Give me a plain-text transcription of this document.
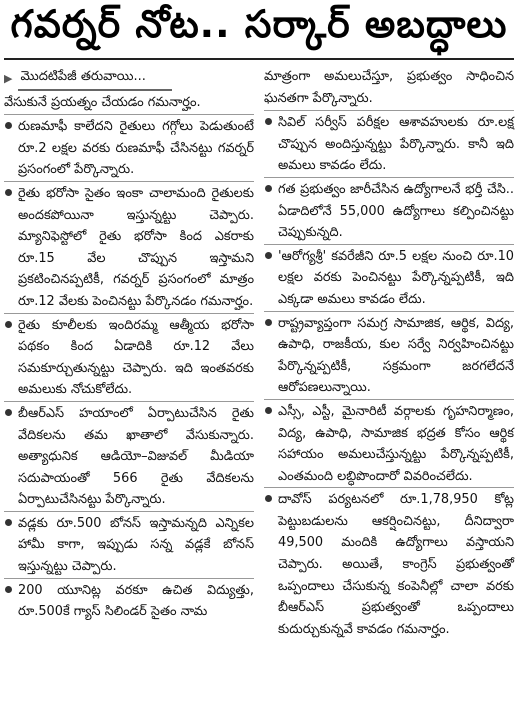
గవర్నర్ నోట.. సర్కార్ అబద్ధాలు
▶ మొదటిపేజీ తరువాయి...

వేసుకునే ప్రయత్నం చేయడం గమనార్హం.

రుణమాఫీ కాలేదని రైతులు గగ్గోలు పెడుతుంటే రూ.2 లక్షల వరకు రుణమాఫీ చేసినట్టు గవర్నర్ ప్రసంగంలో పేర్కొన్నారు.

రైతు భరోసా సైతం ఇంకా చాలామంది రైతులకు అందకపోయినా ఇస్తున్నట్టు చెప్పారు. మ్యానిఫెస్టోలో రైతు భరోసా కింద ఎకరాకు రూ.15 వేల చొప్పున ఇస్తామని ప్రకటించినప్పటికీ, గవర్నర్ ప్రసంగంలో మాత్రం రూ.12 వేలకు పెంచినట్టు పేర్కొనడం గమనార్హం.

రైతు కూలీలకు ఇందిరమ్మ ఆత్మీయ భరోసా పథకం కింద ఏడాదికి రూ.12 వేలు సమకూర్చుతున్నట్టు చెప్పారు. ఇది ఇంతవరకు అమలుకు నోచుకోలేదు.

బీఆర్ఎస్ హయాంలో ఏర్పాటుచేసిన రైతు వేదికలను తమ ఖాతాలో వేసుకున్నారు. అత్యాధునిక ఆడియో–విజువల్ మీడియా సదుపాయంతో 566 రైతు వేదికలను ఏర్పాటుచేసినట్టు పేర్కొన్నారు.

వడ్లకు రూ.500 బోనస్ ఇస్తామన్నది ఎన్నికల హామీ కాగా, ఇప్పుడు సన్న వడ్లకే బోనస్ ఇస్తున్నట్టు చెప్పారు.

200 యూనిట్ల వరకూ ఉచిత విద్యుత్తు, రూ.500కే గ్యాస్ సిలిండర్ సైతం నామ

మాత్రంగా అమలుచేస్తూ, ప్రభుత్వం సాధించిన ఘనతగా పేర్కొన్నారు.

సివిల్ సర్వీస్ పరీక్షల ఆశావహులకు రూ.లక్ష చొప్పున అందిస్తున్నట్టు పేర్కొన్నారు. కానీ ఇది అమలు కావడం లేదు.

గత ప్రభుత్వం జారీచేసిన ఉద్యోగాలనే భర్తీ చేసి.. ఏడాదిలోనే 55,000 ఉద్యోగాలు కల్పించినట్టు చెప్పుకున్నది.

'ఆరోగ్యశ్రీ' కవరేజీని రూ.5 లక్షల నుంచి రూ.10 లక్షల వరకు పెంచినట్టు పేర్కొన్నప్పటికీ, ఇది ఎక్కడా అమలు కావడం లేదు.

రాష్ట్రవ్యాప్తంగా సమగ్ర సామాజిక, ఆర్థిక, విద్య, ఉపాధి, రాజకీయ, కుల సర్వే నిర్వహించినట్టు పేర్కొన్నప్పటికీ, సక్రమంగా జరగలేదనే ఆరోపణలున్నాయి.

ఎస్సీ, ఎస్టీ, మైనారిటీ వర్గాలకు గృహనిర్మాణం, విద్య, ఉపాధి, సామాజిక భద్రత కోసం ఆర్థిక సహాయం అమలుచేస్తున్నట్టు పేర్కొన్నప్పటికీ, ఎంతమంది లబ్ధిపొందారో వివరించలేదు.

దావోస్ పర్యటనలో రూ.1,78,950 కోట్ల పెట్టుబడులను ఆకర్షించినట్టు, దీనిద్వారా 49,500 మందికి ఉద్యోగాలు వస్తాయని చెప్పారు. అయితే, కాంగ్రెస్ ప్రభుత్వంతో ఒప్పందాలు చేసుకున్న కంపెనీల్లో చాలా వరకు బీఆర్ఎస్ ప్రభుత్వంతో ఒప్పందాలు కుదుర్చుకున్నవే కావడం గమనార్హం.
